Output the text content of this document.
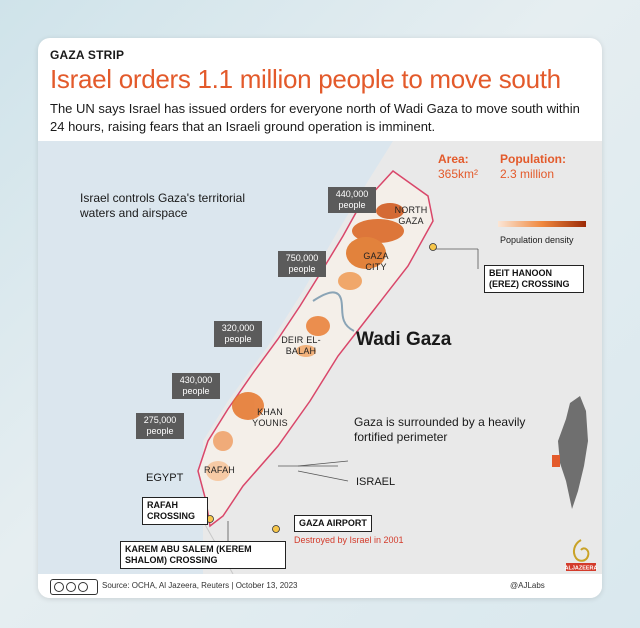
GAZA STRIP
Israel orders 1.1 million people to move south
The UN says Israel has issued orders for everyone north of Wadi Gaza to move south within 24 hours, raising fears that an Israeli ground operation is imminent.
Israel controls Gaza's territorial waters and airspace
Area:
365km²
Population:
2.3 million
Population density
440,000
people
750,000
people
320,000
people
430,000
people
275,000
people
NORTH GAZA
GAZA CITY
DEIR EL-BALAH
KHAN YOUNIS
RAFAH
Wadi Gaza
Gaza is surrounded by a heavily fortified perimeter
EGYPT	ISRAEL
BEIT HANOON (EREZ) CROSSING
RAFAH CROSSING
GAZA AIRPORT
Destroyed by Israel in 2001
KAREM ABU SALEM (KEREM SHALOM) CROSSING
ALJAZEERA
Source: OCHA, Al Jazeera, Reuters | October 13, 2023	@AJLabs
